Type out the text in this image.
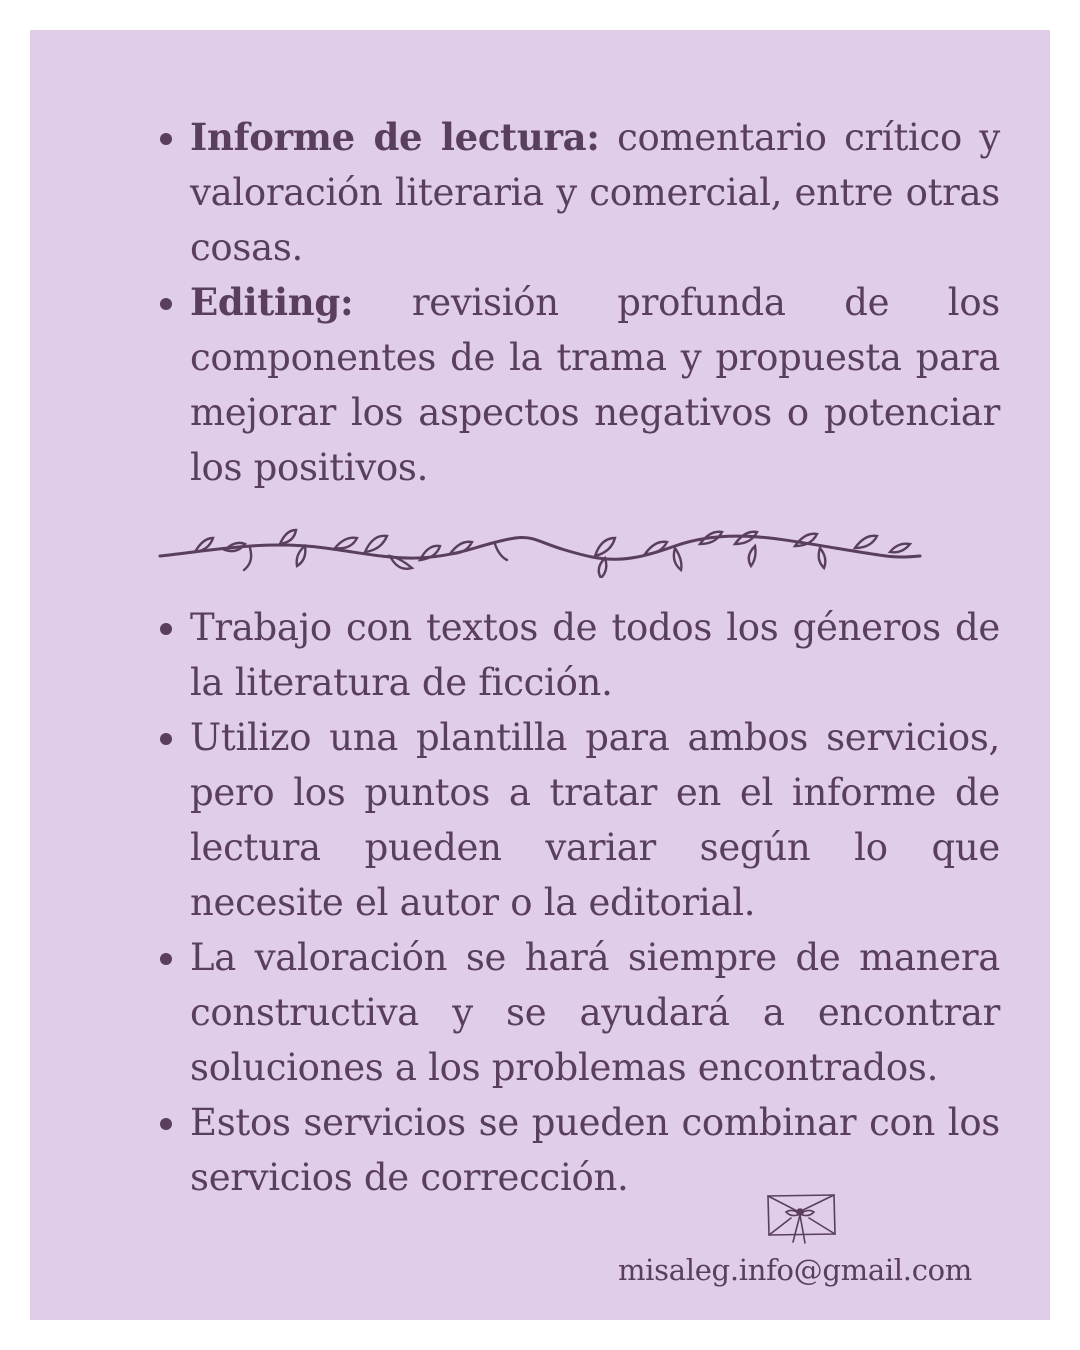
Informe de lectura: comentario crítico y valoración literaria y comercial, entre otras cosas.
Editing: revisión profunda de los componentes de la trama y propuesta para mejorar los aspectos negativos o potenciar los positivos.
Trabajo con textos de todos los géneros de la literatura de ficción.
Utilizo una plantilla para ambos servicios, pero los puntos a tratar en el informe de lectura pueden variar según lo que necesite el autor o la editorial.
La valoración se hará siempre de manera constructiva y se ayudará a encontrar soluciones a los problemas encontrados.
Estos servicios se pueden combinar con los servicios de corrección.
misaleg.info@gmail.com
